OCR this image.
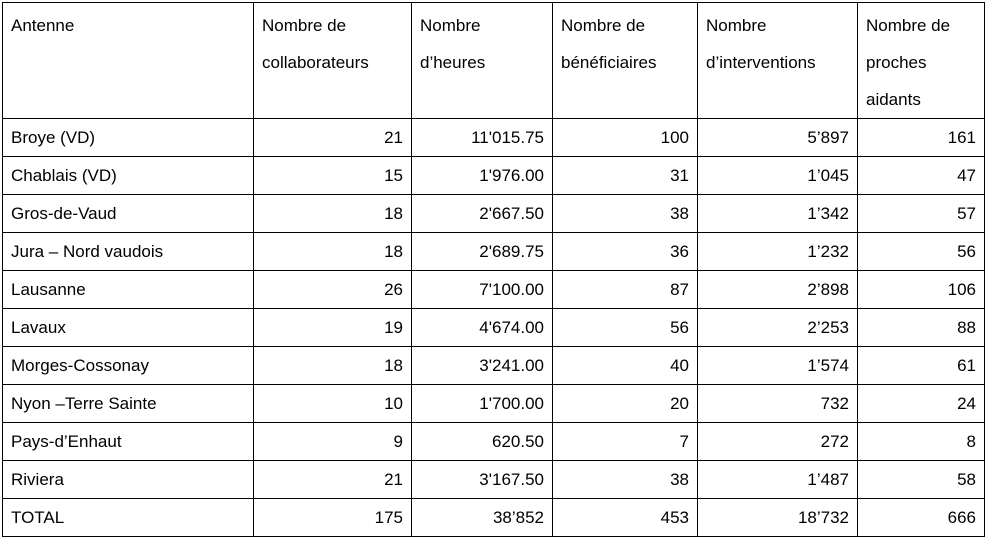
Antenne	Nombre de collaborateurs	Nombre d’heures	Nombre de bénéficiaires	Nombre d’interventions	Nombre de proches aidants
Broye (VD)	21	11'015.75	100	5’897	161
Chablais (VD)	15	1'976.00	31	1’045	47
Gros-de-Vaud	18	2'667.50	38	1’342	57
Jura – Nord vaudois	18	2'689.75	36	1’232	56
Lausanne	26	7'100.00	87	2’898	106
Lavaux	19	4'674.00	56	2’253	88
Morges-Cossonay	18	3'241.00	40	1’574	61
Nyon –Terre Sainte	10	1'700.00	20	732	24
Pays-d’Enhaut	9	620.50	7	272	8
Riviera	21	3'167.50	38	1’487	58
TOTAL	175	38’852	453	18’732	666
